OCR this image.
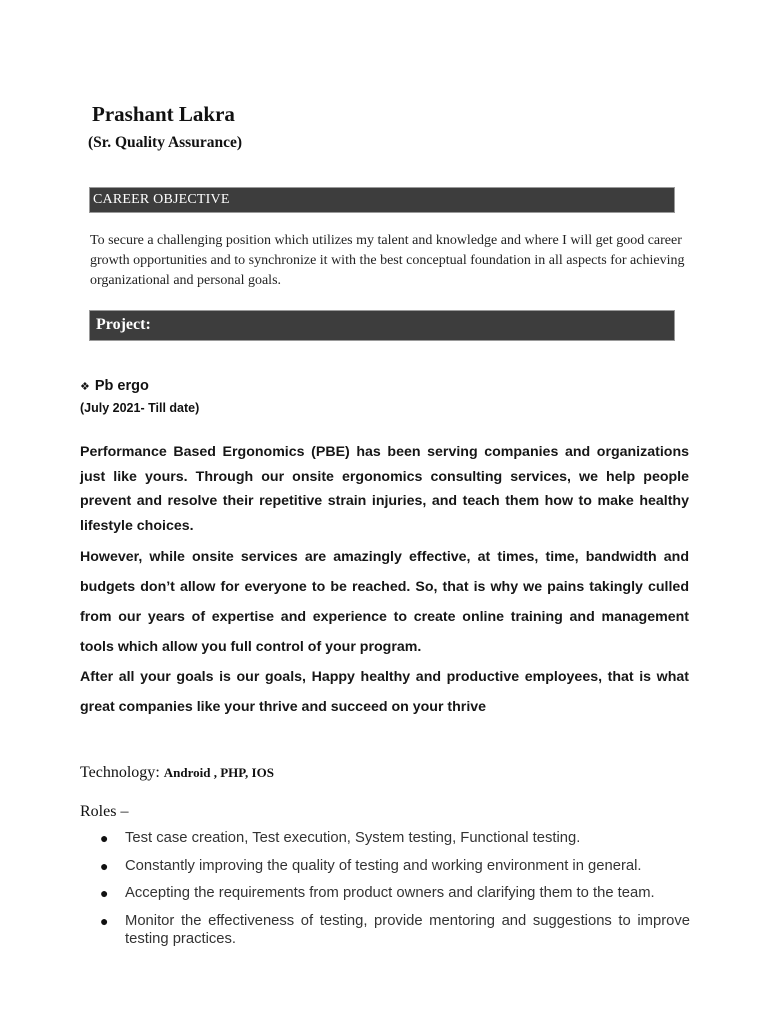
Prashant Lakra
(Sr. Quality Assurance)
CAREER OBJECTIVE
To secure a challenging position which utilizes my talent and knowledge and where I will get good career growth opportunities and to synchronize it with the best conceptual foundation in all aspects for achieving organizational and personal goals.
Project:
❖ Pb ergo
(July 2021- Till date)
Performance Based Ergonomics (PBE) has been serving companies and organizations just like yours. Through our onsite ergonomics consulting services, we help people prevent and resolve their repetitive strain injuries, and teach them how to make healthy lifestyle choices.
However, while onsite services are amazingly effective, at times, time, bandwidth and budgets don’t allow for everyone to be reached. So, that is why we pains takingly culled from our years of expertise and experience to create online training and management tools which allow you full control of your program.
After all your goals is our goals, Happy healthy and productive employees, that is what great companies like your thrive and succeed on your thrive
Technology: Android , PHP, IOS
Roles –
● Test case creation, Test execution, System testing, Functional testing.
● Constantly improving the quality of testing and working environment in general.
● Accepting the requirements from product owners and clarifying them to the team.
● Monitor the effectiveness of testing, provide mentoring and suggestions to improve testing practices.
